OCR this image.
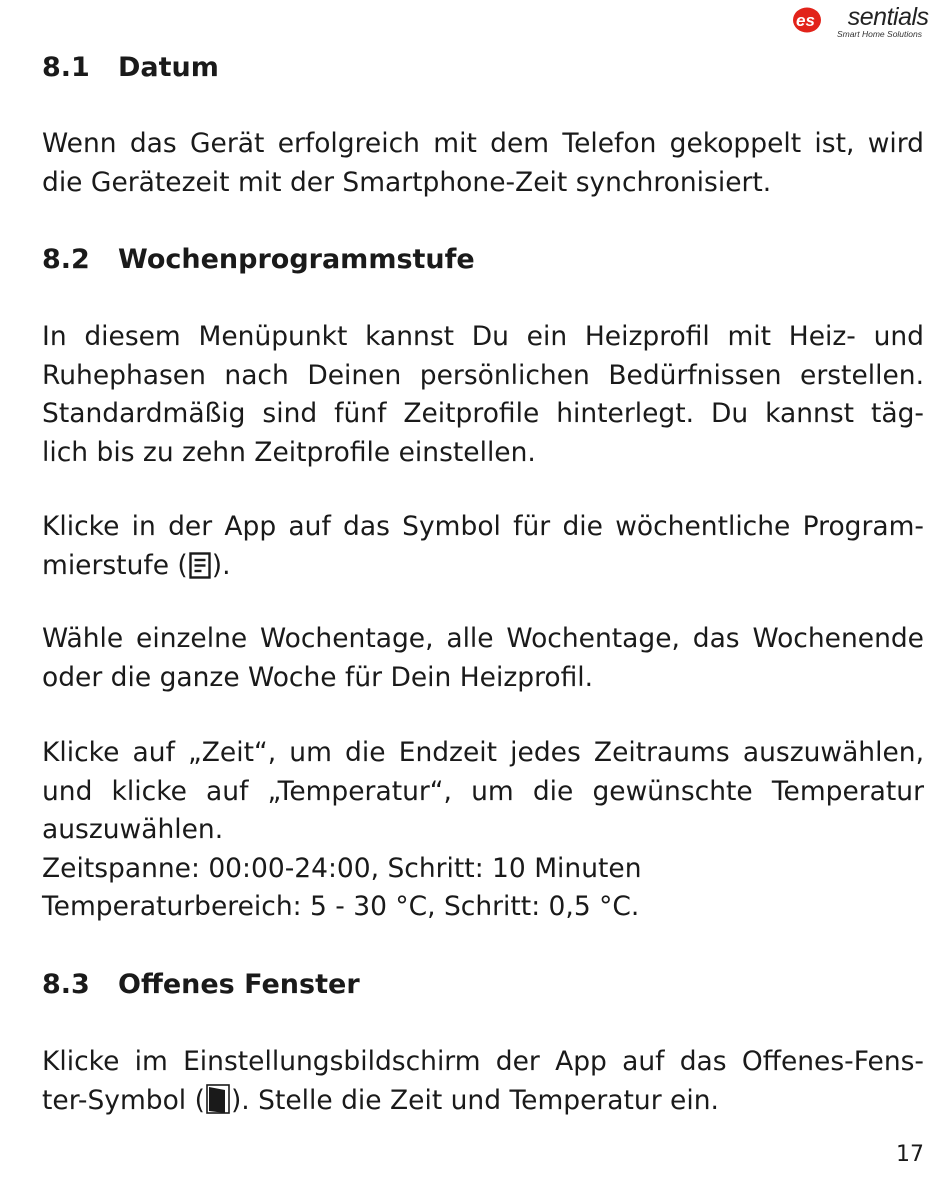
es sentials
Smart Home Solutions
8.1 Datum

Wenn das Gerät erfolgreich mit dem Telefon gekoppelt ist, wird
die Gerätezeit mit der Smartphone-Zeit synchronisiert.

8.2 Wochenprogrammstufe

In diesem Menüpunkt kannst Du ein Heizprofil mit Heiz- und
Ruhephasen nach Deinen persönlichen Bedürfnissen erstellen.
Standardmäßig sind fünf Zeitprofile hinterlegt. Du kannst täg-
lich bis zu zehn Zeitprofile einstellen.

Klicke in der App auf das Symbol für die wöchentliche Program-
mierstufe ( ).

Wähle einzelne Wochentage, alle Wochentage, das Wochenende
oder die ganze Woche für Dein Heizprofil.

Klicke auf „Zeit“, um die Endzeit jedes Zeitraums auszuwählen,
und klicke auf „Temperatur“, um die gewünschte Temperatur
auszuwählen.
Zeitspanne: 00:00-24:00, Schritt: 10 Minuten
Temperaturbereich: 5 - 30 °C, Schritt: 0,5 °C.

8.3 Offenes Fenster

Klicke im Einstellungsbildschirm der App auf das Offenes-Fens-
ter-Symbol ( ). Stelle die Zeit und Temperatur ein.

17
